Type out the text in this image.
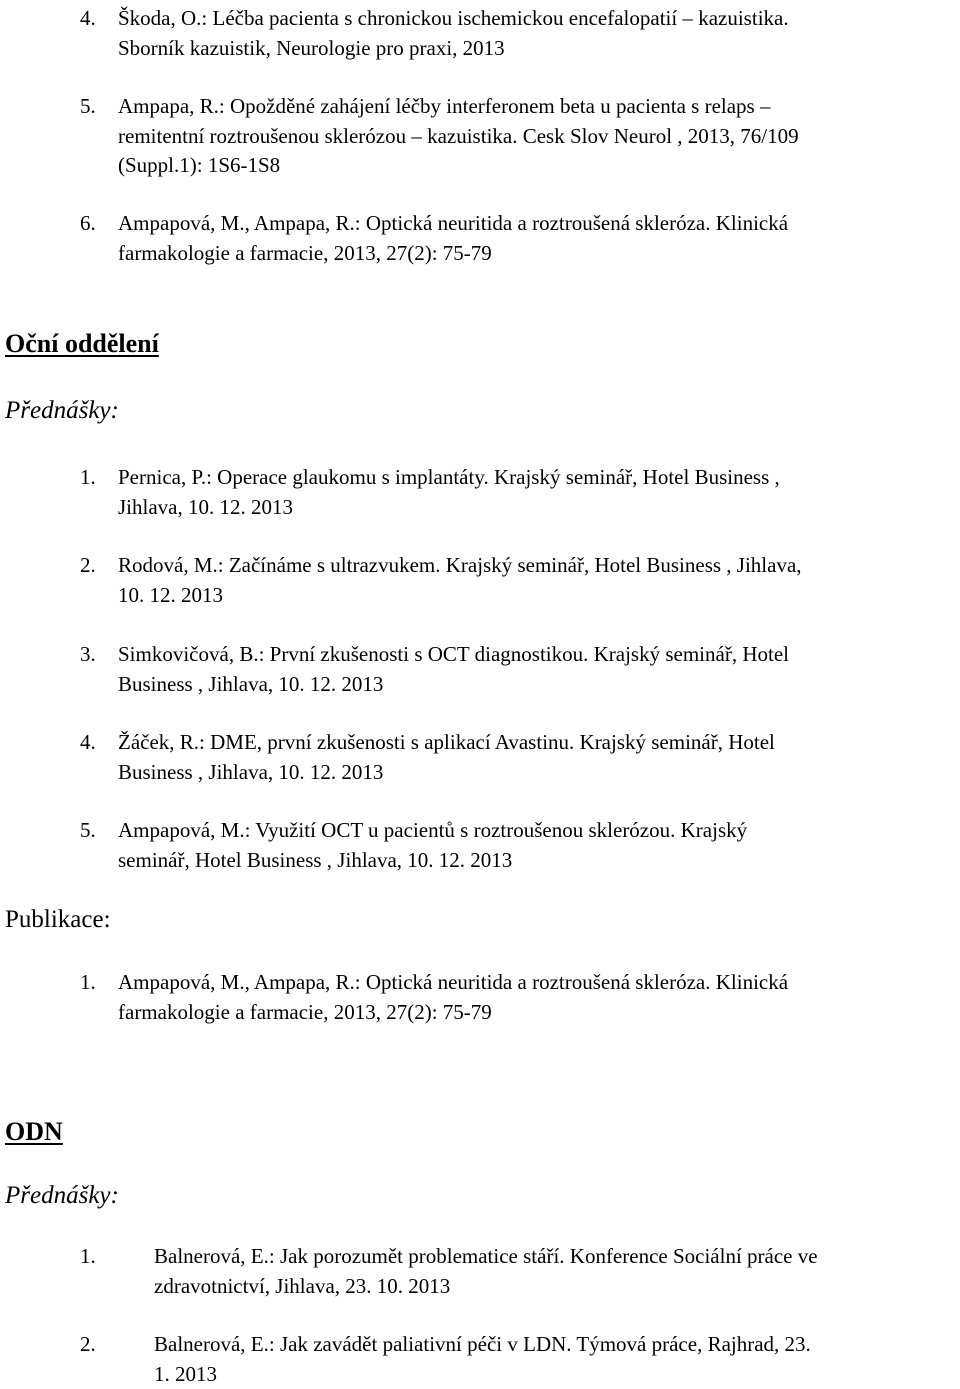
4. Škoda, O.: Léčba pacienta s chronickou ischemickou encefalopatií – kazuistika.
Sborník kazuistik, Neurologie pro praxi, 2013
5. Ampapa, R.: Opožděné zahájení léčby interferonem beta u pacienta s relaps –
remitentní roztroušenou sklerózou – kazuistika. Cesk Slov Neurol , 2013, 76/109
(Suppl.1): 1S6-1S8
6. Ampapová, M., Ampapa, R.: Optická neuritida a roztroušená skleróza. Klinická
farmakologie a farmacie, 2013, 27(2): 75-79
Oční oddělení
Přednášky:
1. Pernica, P.: Operace glaukomu s implantáty. Krajský seminář, Hotel Business ,
Jihlava, 10. 12. 2013
2. Rodová, M.: Začínáme s ultrazvukem. Krajský seminář, Hotel Business , Jihlava,
10. 12. 2013
3. Simkovičová, B.: První zkušenosti s OCT diagnostikou. Krajský seminář, Hotel
Business , Jihlava, 10. 12. 2013
4. Žáček, R.: DME, první zkušenosti s aplikací Avastinu. Krajský seminář, Hotel
Business , Jihlava, 10. 12. 2013
5. Ampapová, M.: Využití OCT u pacientů s roztroušenou sklerózou. Krajský
seminář, Hotel Business , Jihlava, 10. 12. 2013
Publikace:
1. Ampapová, M., Ampapa, R.: Optická neuritida a roztroušená skleróza. Klinická
farmakologie a farmacie, 2013, 27(2): 75-79
ODN
Přednášky:
1.	Balnerová, E.: Jak porozumět problematice stáří. Konference Sociální práce ve
zdravotnictví, Jihlava, 23. 10. 2013
2.	Balnerová, E.: Jak zavádět paliativní péči v LDN. Týmová práce, Rajhrad, 23.
1. 2013
